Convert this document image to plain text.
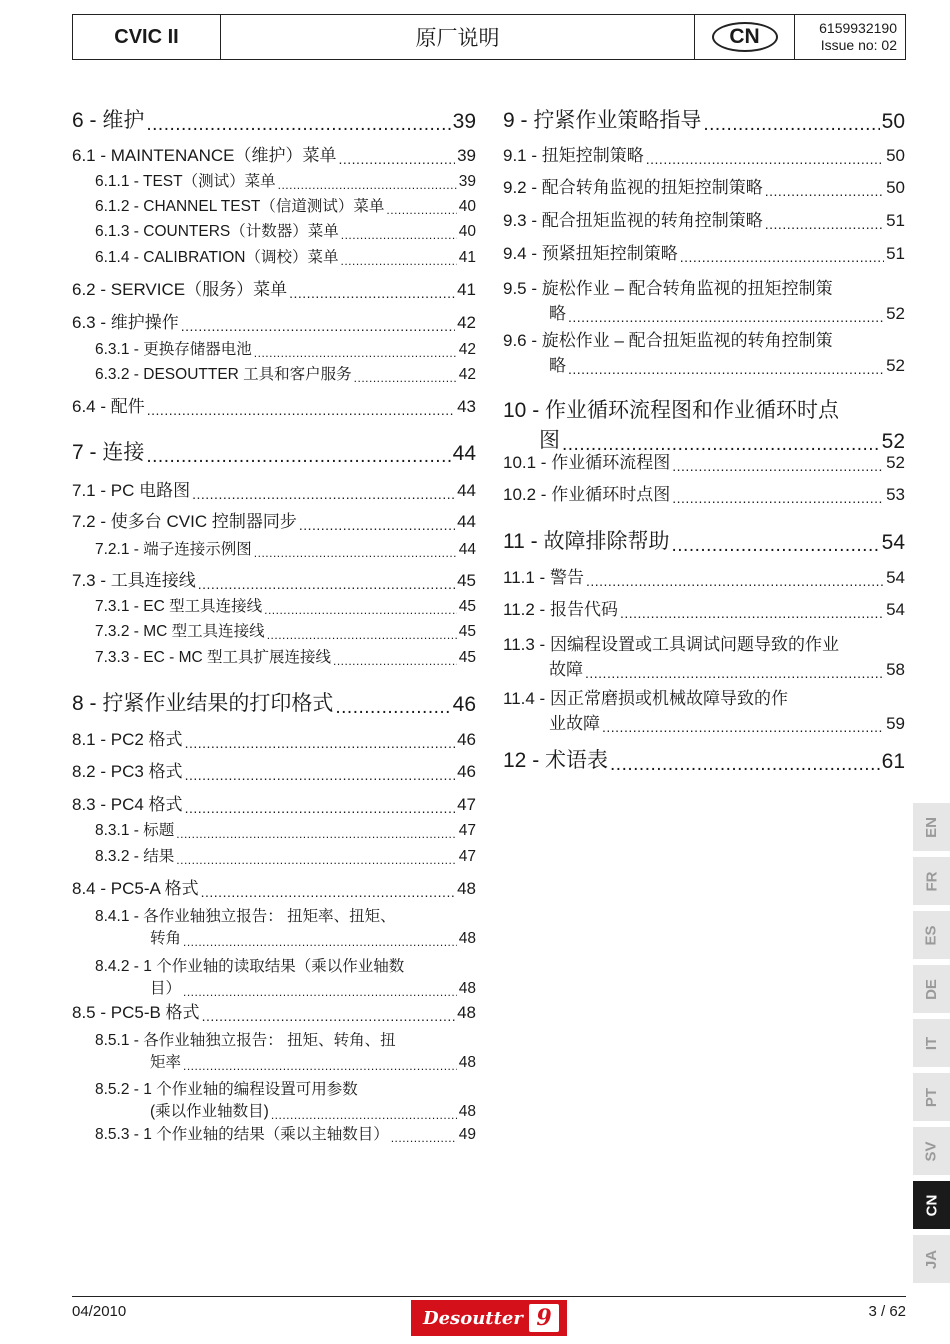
CVIC II	原厂说明	CN	6159932190
Issue no: 02
6 - 维护 .....	39
6.1 - MAINTENANCE（维护）菜单 .....	39
6.1.1 - TEST（测试）菜单 .....	39
6.1.2 - CHANNEL TEST（信道测试）菜单 .....	40
6.1.3 - COUNTERS（计数器）菜单 .....	40
6.1.4 - CALIBRATION（调校）菜单 .....	41
6.2 - SERVICE（服务）菜单 .....	41
6.3 - 维护操作 .....	42
6.3.1 - 更换存储器电池 .....	42
6.3.2 - DESOUTTER 工具和客户服务 .....	42
6.4 - 配件 .....	43
7 - 连接 .....	44
7.1 - PC 电路图 .....	44
7.2 - 使多台 CVIC 控制器同步 .....	44
7.2.1 - 端子连接示例图 .....	44
7.3 - 工具连接线 .....	45
7.3.1 - EC 型工具连接线 .....	45
7.3.2 - MC 型工具连接线 .....	45
7.3.3 - EC - MC 型工具扩展连接线 .....	45
8 - 拧紧作业结果的打印格式 .....	46
8.1 - PC2 格式 .....	46
8.2 - PC3 格式 .....	46
8.3 - PC4 格式 .....	47
8.3.1 - 标题 .....	47
8.3.2 - 结果 .....	47
8.4 - PC5-A 格式 .....	48
8.4.1 - 各作业轴独立报告： 扭矩率、扭矩、
转角 .....	48
8.4.2 - 1 个作业轴的读取结果（乘以作业轴数
目） .....	48
8.5 - PC5-B 格式 .....	48
8.5.1 - 各作业轴独立报告： 扭矩、转角、扭
矩率 .....	48
8.5.2 - 1 个作业轴的编程设置可用参数
(乘以作业轴数目) .....	48
8.5.3 - 1 个作业轴的结果（乘以主轴数目） .....	49
9 - 拧紧作业策略指导 .....	50
9.1 - 扭矩控制策略 .....	50
9.2 - 配合转角监视的扭矩控制策略 .....	50
9.3 - 配合扭矩监视的转角控制策略 .....	51
9.4 - 预紧扭矩控制策略 .....	51
9.5 - 旋松作业 – 配合转角监视的扭矩控制策
略 .....	52
9.6 - 旋松作业 – 配合扭矩监视的转角控制策
略 .....	52
10 - 作业循环流程图和作业循环时点
图 .....	52
10.1 - 作业循环流程图 .....	52
10.2 - 作业循环时点图 .....	53
11 - 故障排除帮助 .....	54
11.1 - 警告 .....	54
11.2 - 报告代码 .....	54
11.3 - 因编程设置或工具调试问题导致的作业
故障 .....	58
11.4 - 因正常磨损或机械故障导致的作
业故障 .....	59
12 - 术语表 .....	61
EN
FR
ES
DE
IT
PT
SV
CN
JA
04/2010	Desoutter 9	3 / 62
